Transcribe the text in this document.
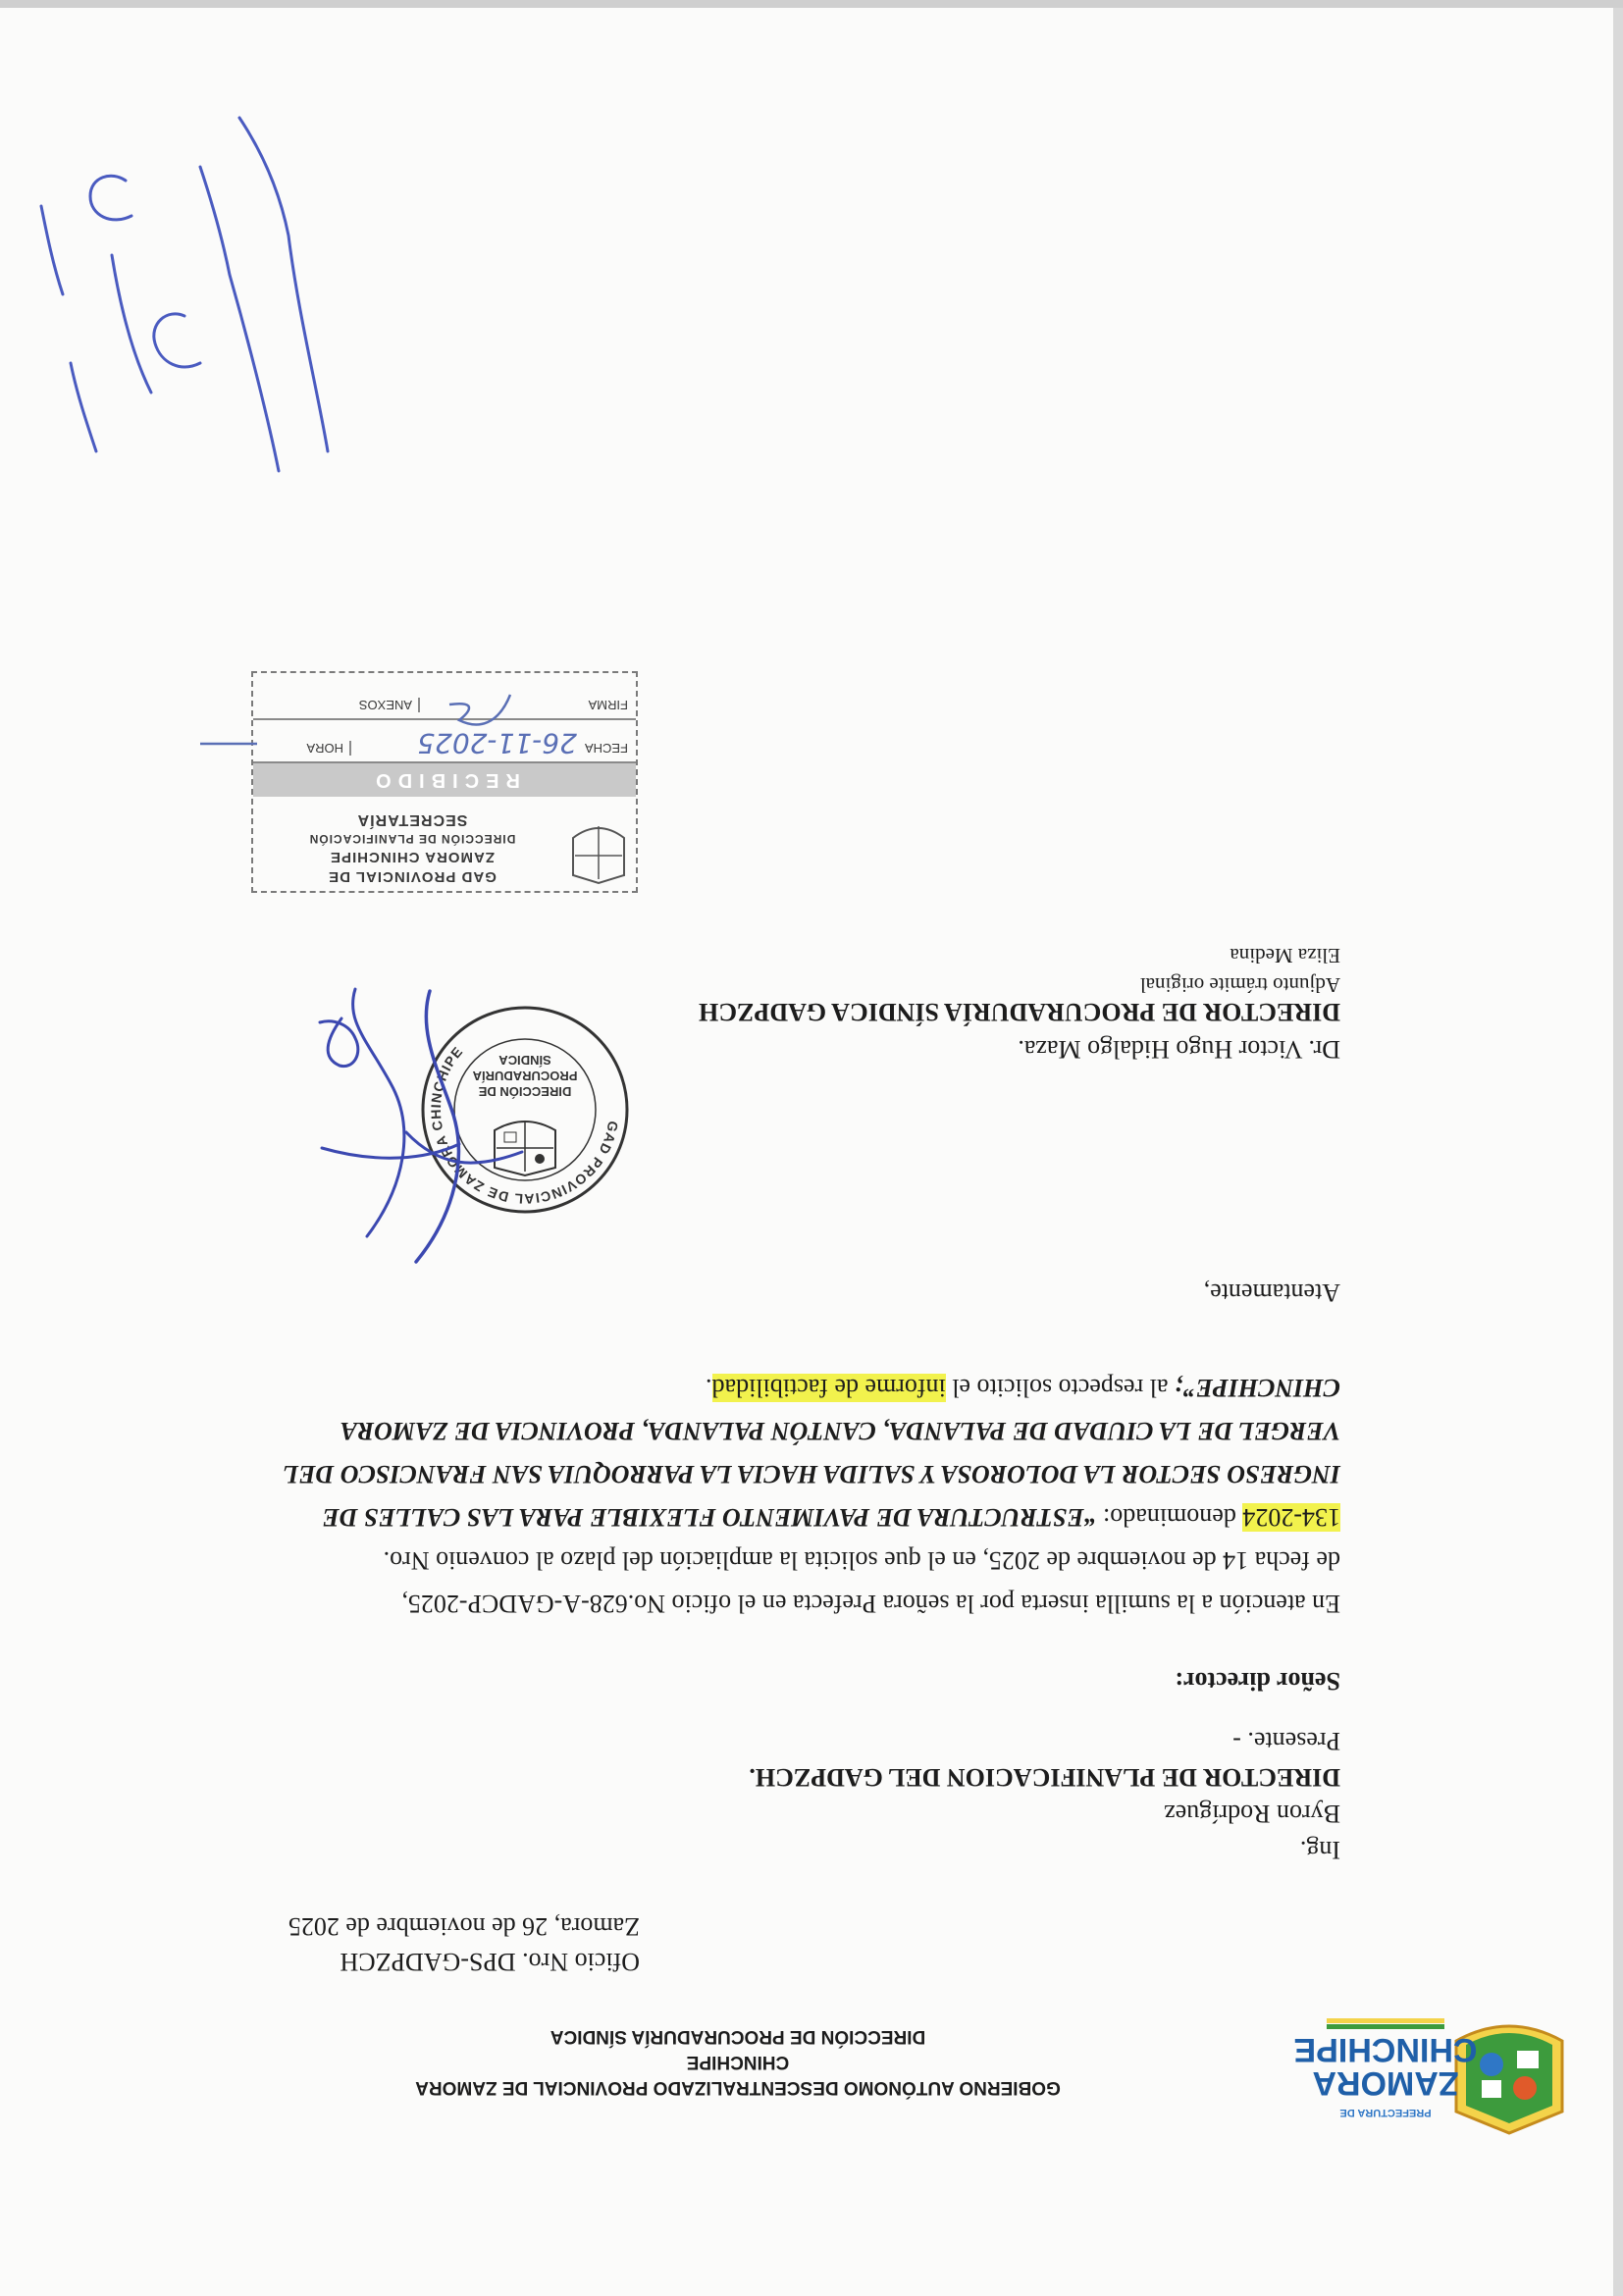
PREFECTURA DE
ZAMORA
CHINCHIPE
GOBIERNO AUTÓNOMO DESCENTRALIZADO PROVINCIAL DE ZAMORA
CHINCHIPE
DIRECCIÓN DE PROCURADURÍA SÍNDICA
Oficio Nro. DPS-GADPZCH
Zamora, 26 de noviembre de 2025
Ing.
Byron Rodríguez
DIRECTOR DE PLANIFICACION DEL GADPZCH.
Presente. -
Señor director:
En atención a la sumilla inserta por la señora Prefecta en el oficio No.628-A-GADCP-2025,
de fecha 14 de noviembre de 2025, en el que solicita la ampliación del plazo al convenio Nro.
134-2024 denominado: “ESTRUCTURA DE PAVIMENTO FLEXIBLE PARA LAS CALLES DE
INGRESO SECTOR LA DOLOROSA Y SALIDA HACIA LA PARROQUIA SAN FRANCISCO DEL
VERGEL DE LA CIUDAD DE PALANDA, CANTÓN PALANDA, PROVINCIA DE ZAMORA
CHINCHIPE”; al respecto solicito el informe de factibilidad.
Atentamente,
GAD PROVINCIAL DE ZAMORA CHINCHIPE
DIRECCIÓN DE
PROCURADURÍA
SÍNDICA	Dr. Victor Hugo Hidalgo Maza.
DIRECTOR DE PROCURADURÍA SÍNDICA GADPZCH
Adjunto trámite original
Eliza Medina
GAD PROVINCIAL DE
ZAMORA CHINCHIPE
DIRECCIÓN DE PLANIFICACIÓN
SECRETARÍA
RECIBIDO
FECHA
26-11-2025
HORA
FIRMA
ANEXOS
